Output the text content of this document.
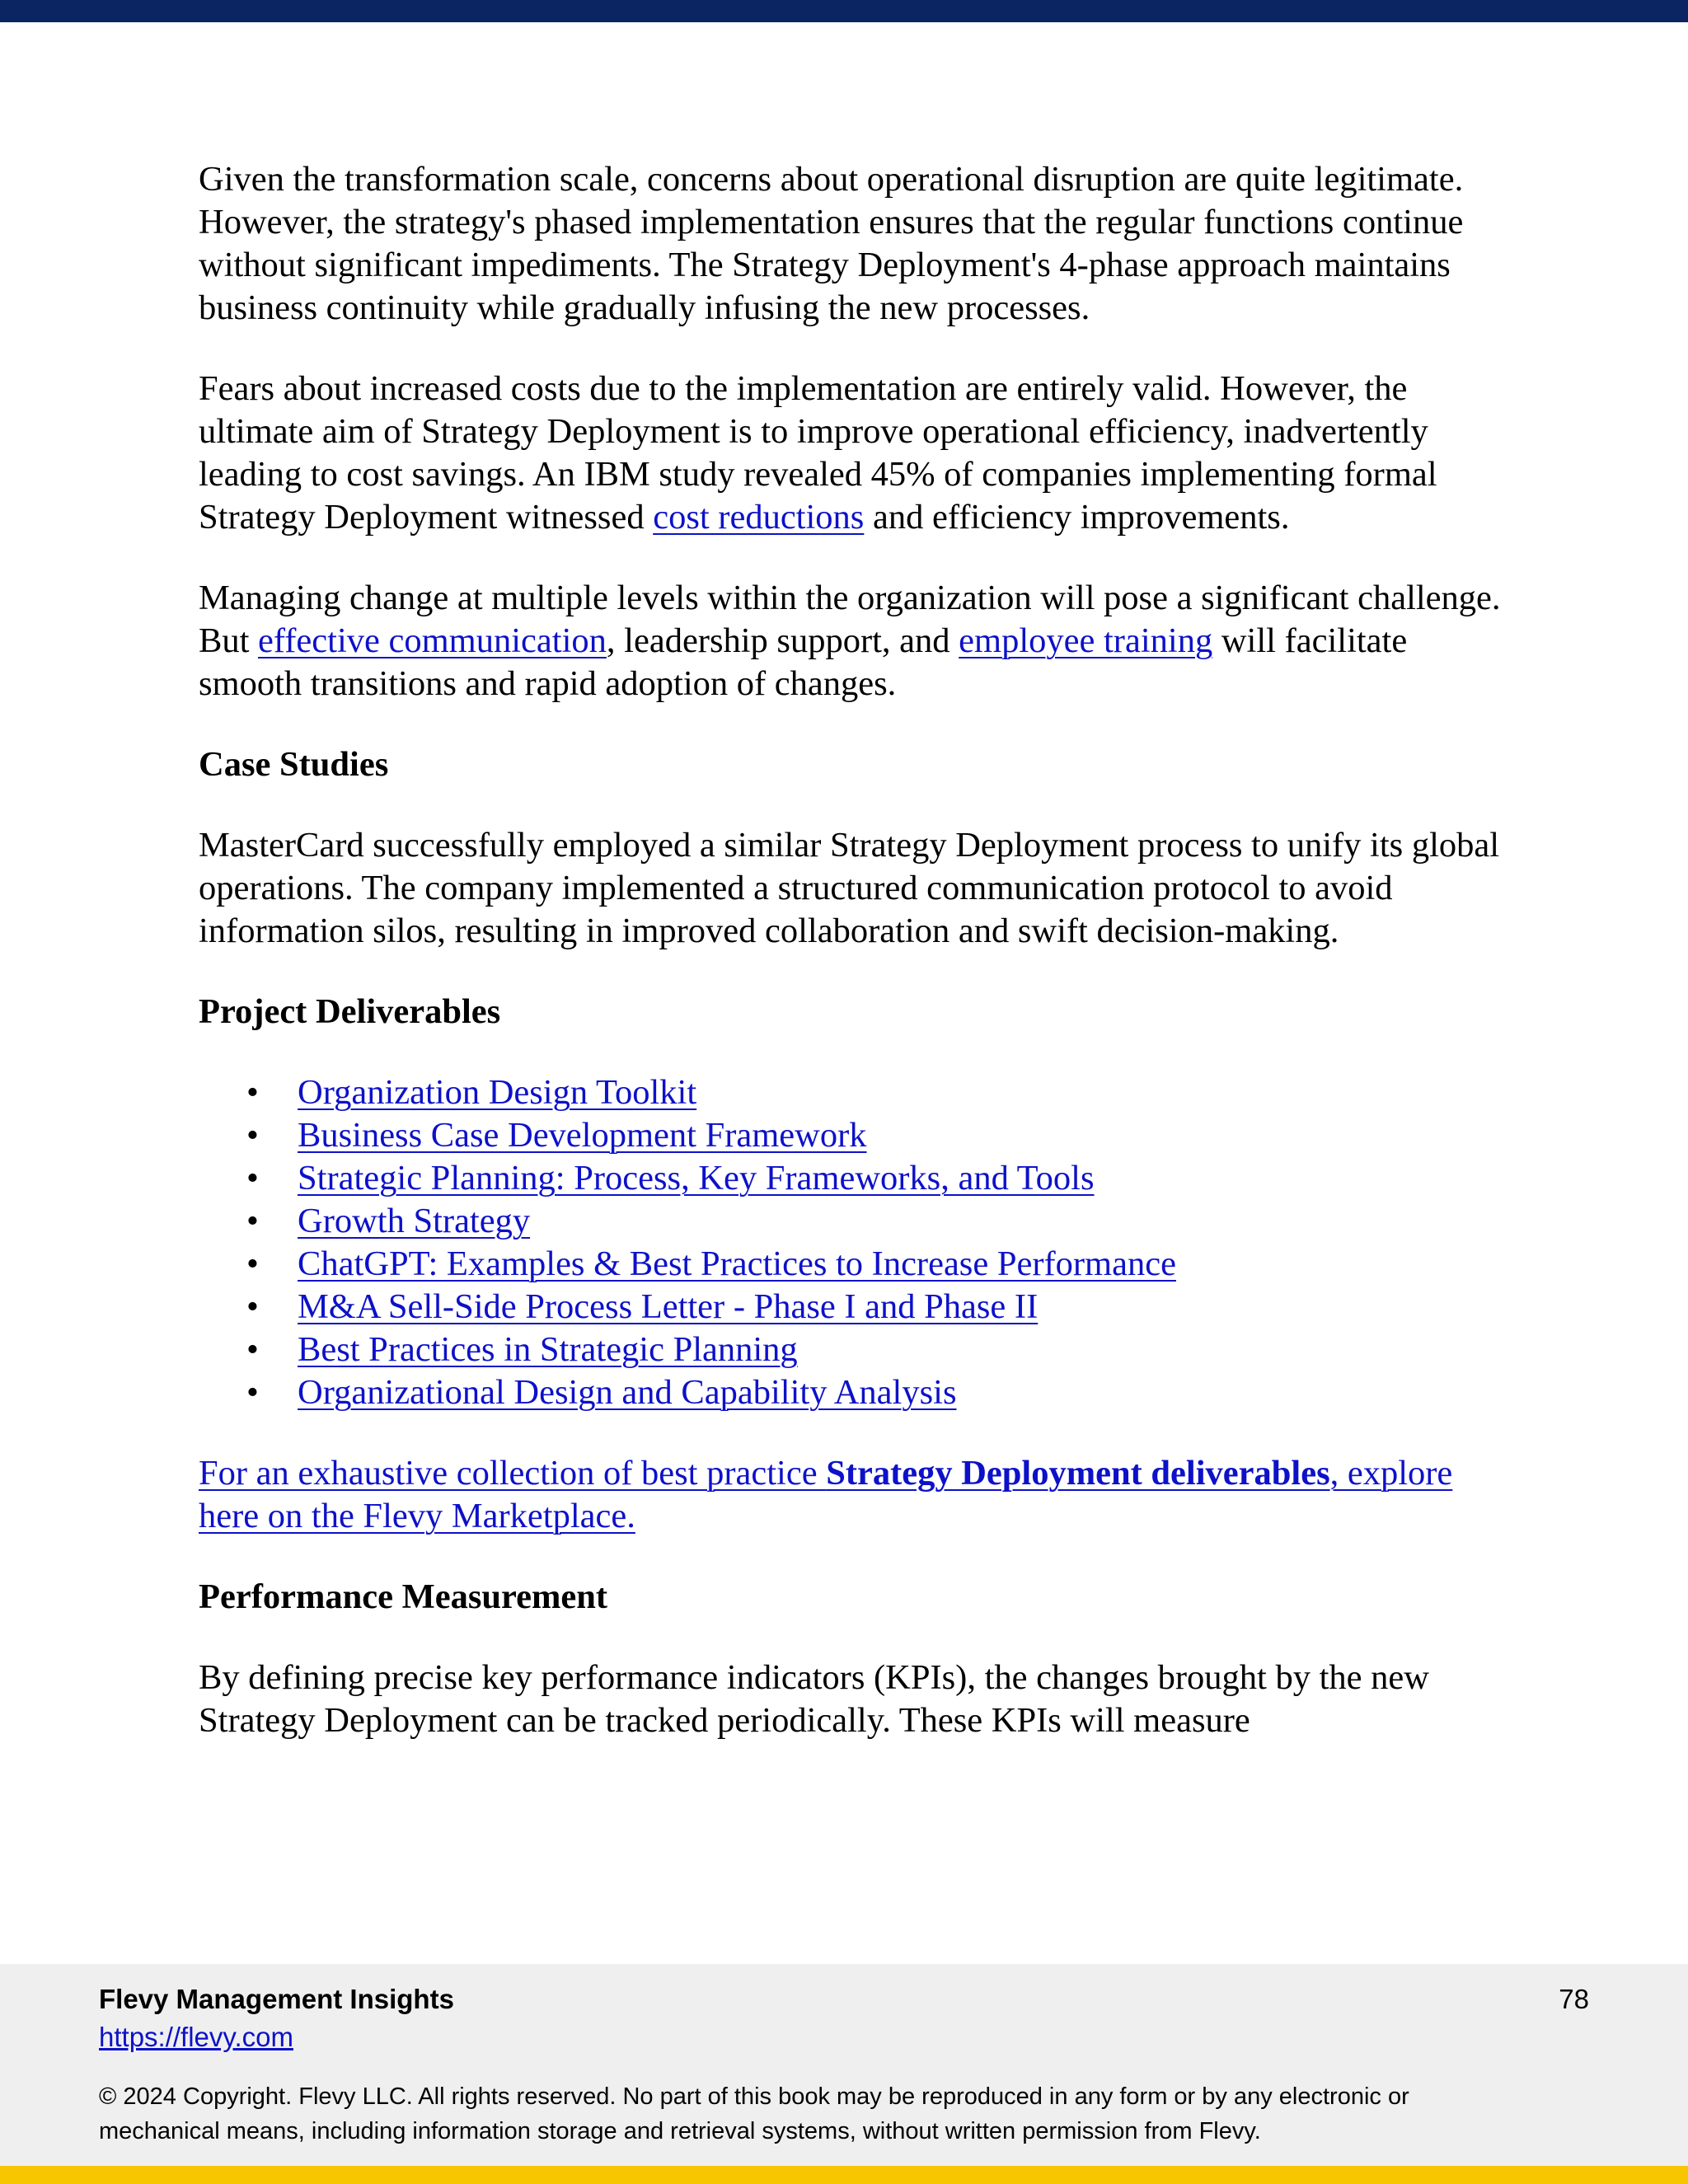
Given the transformation scale, concerns about operational disruption are quite legitimate. However, the strategy's phased implementation ensures that the regular functions continue without significant impediments. The Strategy Deployment's 4-phase approach maintains business continuity while gradually infusing the new processes.

Fears about increased costs due to the implementation are entirely valid. However, the ultimate aim of Strategy Deployment is to improve operational efficiency, inadvertently leading to cost savings. An IBM study revealed 45% of companies implementing formal Strategy Deployment witnessed cost reductions and efficiency improvements.

Managing change at multiple levels within the organization will pose a significant challenge. But effective communication, leadership support, and employee training will facilitate smooth transitions and rapid adoption of changes.

Case Studies

MasterCard successfully employed a similar Strategy Deployment process to unify its global operations. The company implemented a structured communication protocol to avoid information silos, resulting in improved collaboration and swift decision-making.

Project Deliverables
• Organization Design Toolkit
• Business Case Development Framework
• Strategic Planning: Process, Key Frameworks, and Tools
• Growth Strategy
• ChatGPT: Examples & Best Practices to Increase Performance
• M&A Sell-Side Process Letter - Phase I and Phase II
• Best Practices in Strategic Planning
• Organizational Design and Capability Analysis

For an exhaustive collection of best practice Strategy Deployment deliverables, explore here on the Flevy Marketplace.

Performance Measurement

By defining precise key performance indicators (KPIs), the changes brought by the new Strategy Deployment can be tracked periodically. These KPIs will measure

Flevy Management Insights
https://flevy.com
78
© 2024 Copyright. Flevy LLC. All rights reserved. No part of this book may be reproduced in any form or by any electronic or mechanical means, including information storage and retrieval systems, without written permission from Flevy.
